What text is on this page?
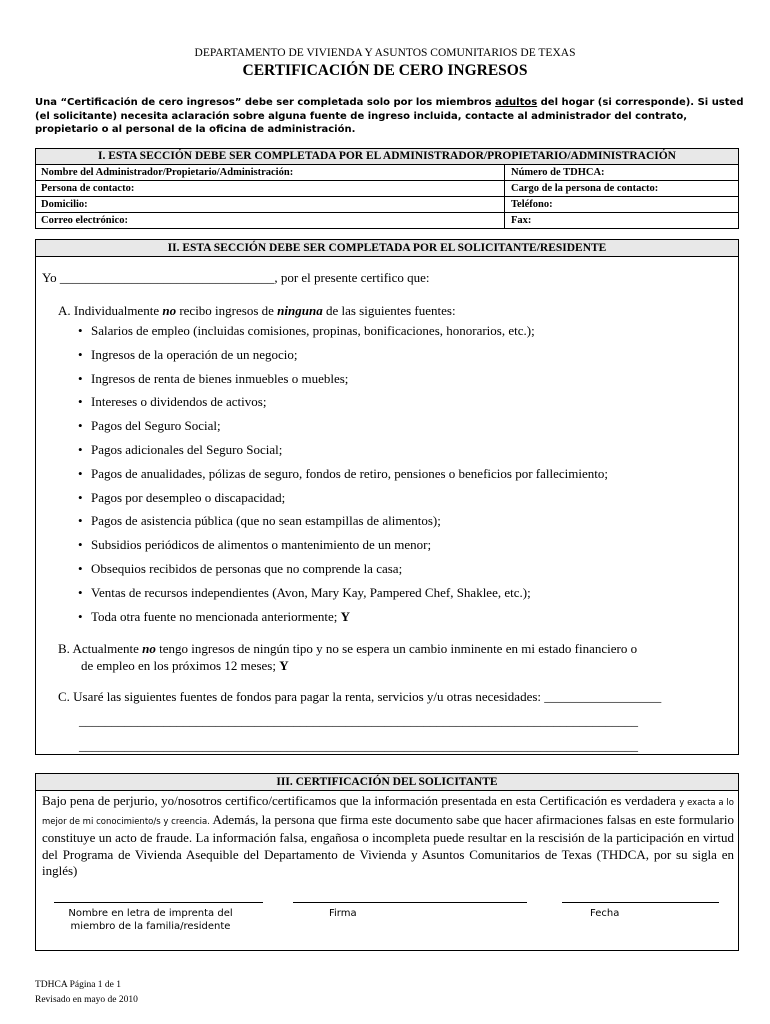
DEPARTAMENTO DE VIVIENDA Y ASUNTOS COMUNITARIOS DE TEXAS
CERTIFICACIÓN DE CERO INGRESOS
Una “Certificación de cero ingresos” debe ser completada solo por los miembros adultos del hogar (si corresponde). Si usted (el solicitante) necesita aclaración sobre alguna fuente de ingreso incluida, contacte al administrador del contrato, propietario o al personal de la oficina de administración.
I. ESTA SECCIÓN DEBE SER COMPLETADA POR EL ADMINISTRADOR/PROPIETARIO/ADMINISTRACIÓN
Nombre del Administrador/Propietario/Administración:	Número de TDHCA:
Persona de contacto:	Cargo de la persona de contacto:
Domicilio:	Teléfono:
Correo electrónico:	Fax:
II. ESTA SECCIÓN DEBE SER COMPLETADA POR EL SOLICITANTE/RESIDENTE
Yo _________________________________, por el presente certifico que:
A. Individualmente no recibo ingresos de ninguna de las siguientes fuentes:
• Salarios de empleo (incluidas comisiones, propinas, bonificaciones, honorarios, etc.);
• Ingresos de la operación de un negocio;
• Ingresos de renta de bienes inmuebles o muebles;
• Intereses o dividendos de activos;
• Pagos del Seguro Social;
• Pagos adicionales del Seguro Social;
• Pagos de anualidades, pólizas de seguro, fondos de retiro, pensiones o beneficios por fallecimiento;
• Pagos por desempleo o discapacidad;
• Pagos de asistencia pública (que no sean estampillas de alimentos);
• Subsidios periódicos de alimentos o mantenimiento de un menor;
• Obsequios recibidos de personas que no comprende la casa;
• Ventas de recursos independientes (Avon, Mary Kay, Pampered Chef, Shaklee, etc.);
• Toda otra fuente no mencionada anteriormente; Y
B. Actualmente no tengo ingresos de ningún tipo y no se espera un cambio inminente en mi estado financiero o
de empleo en los próximos 12 meses; Y
C. Usaré las siguientes fuentes de fondos para pagar la renta, servicios y/u otras necesidades: __________________
______________________________________________________________________________________
______________________________________________________________________________________
III. CERTIFICACIÓN DEL SOLICITANTE
Bajo pena de perjurio, yo/nosotros certifico/certificamos que la información presentada en esta Certificación es verdadera y exacta a lo mejor de mi conocimiento/s y creencia. Además, la persona que firma este documento sabe que hacer afirmaciones falsas en este formulario constituye un acto de fraude. La información falsa, engañosa o incompleta puede resultar en la rescisión de la participación en virtud del Programa de Vivienda Asequible del Departamento de Vivienda y Asuntos Comunitarios de Texas (THDCA, por su sigla en inglés)
Nombre en letra de imprenta del miembro de la familia/residente
Firma	Fecha
TDHCA Página 1 de 1
Revisado en mayo de 2010
